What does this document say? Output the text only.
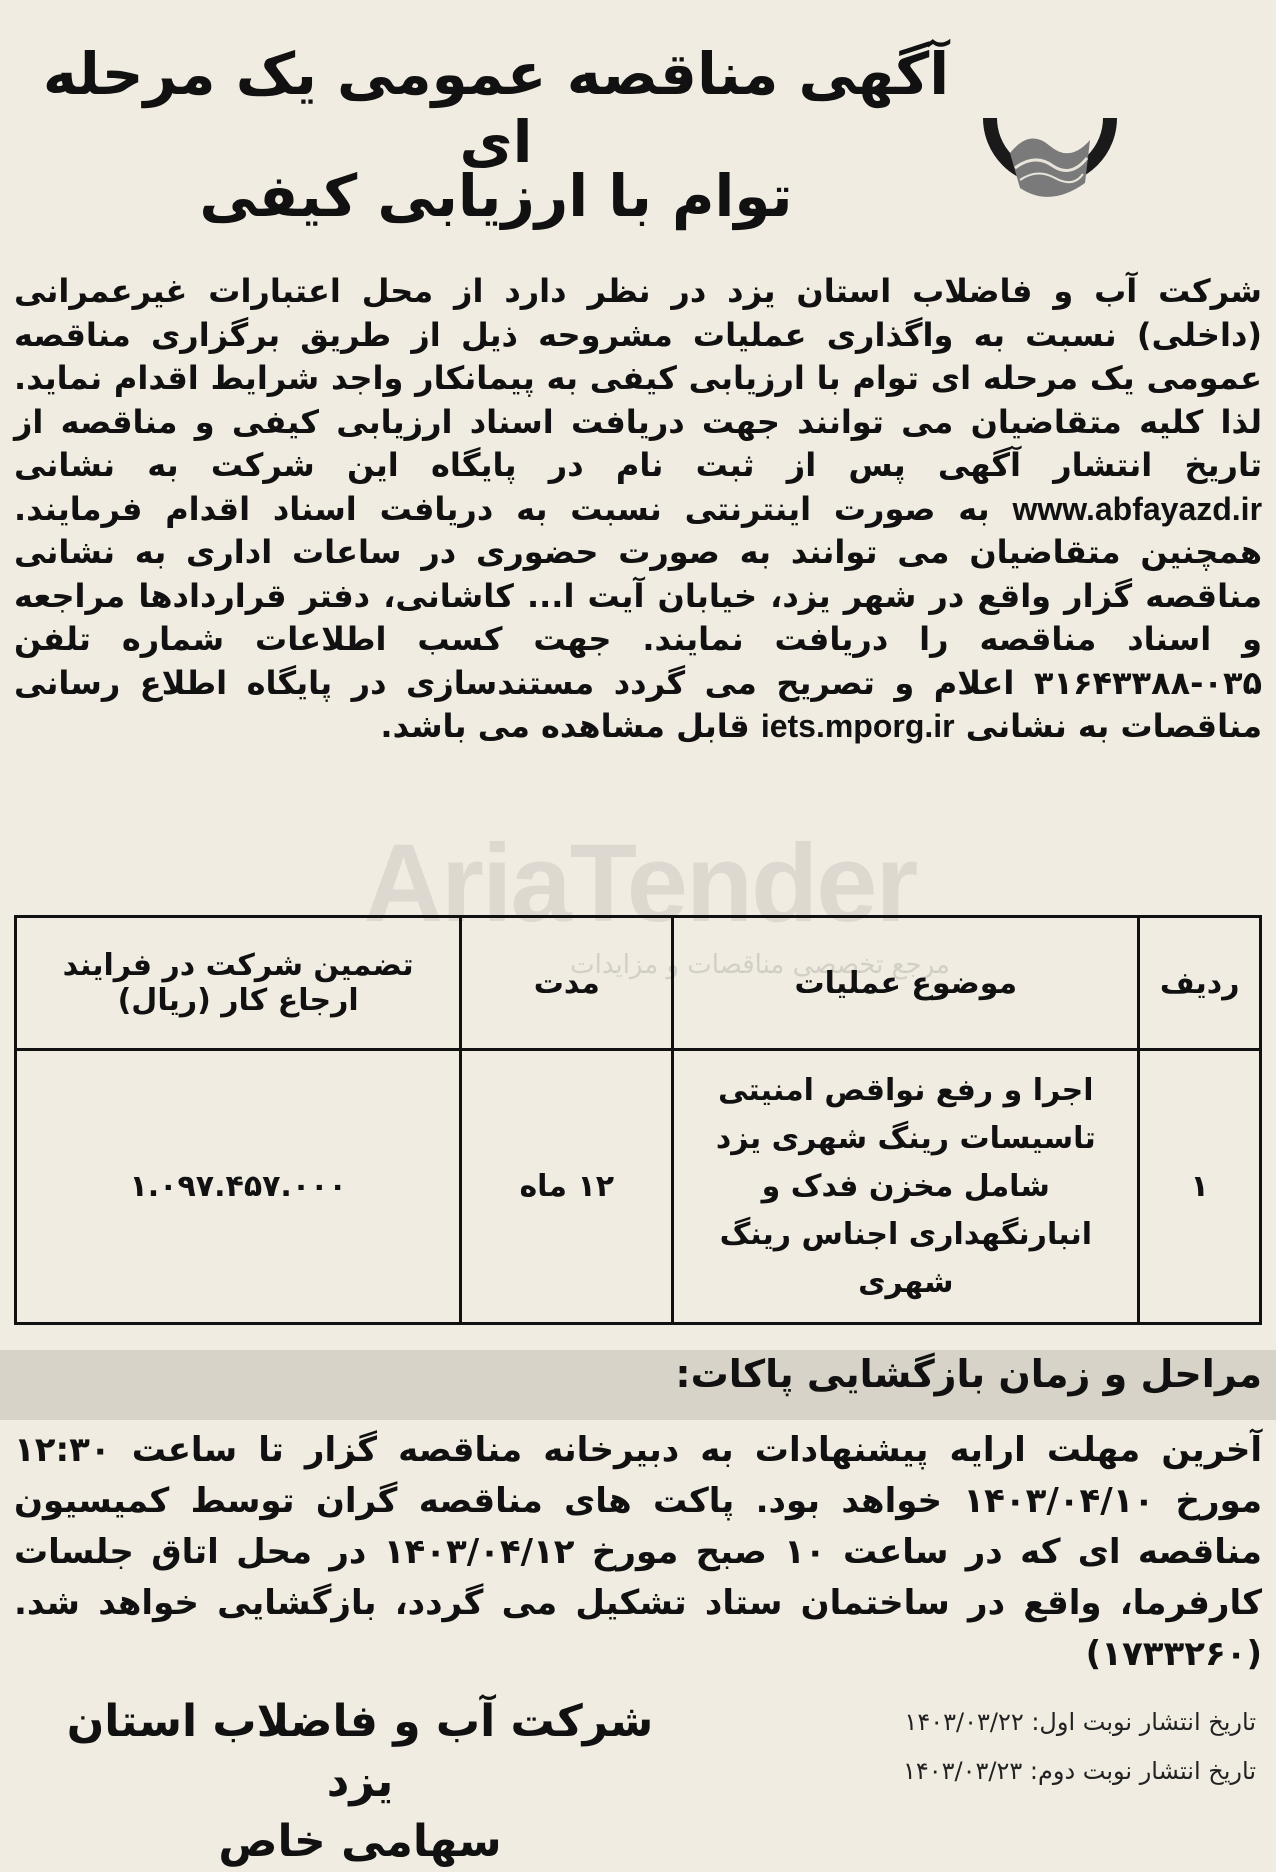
آگهی مناقصه عمومی یک مرحله ای
توام با ارزیابی کیفی
شرکت آب و فاضلاب استان یزد در نظر دارد از محل اعتبارات غیرعمرانی (داخلی) نسبت به واگذاری عملیات مشروحه ذیل از طریق برگزاری مناقصه عمومی یک مرحله ای توام با ارزیابی کیفی به پیمانکار واجد شرایط اقدام نماید. لذا کلیه متقاضیان می توانند جهت دریافت اسناد ارزیابی کیفی و مناقصه از تاریخ انتشار آگهی پس از ثبت نام در پایگاه این شرکت به نشانی www.abfayazd.ir به صورت اینترنتی نسبت به دریافت اسناد اقدام فرمایند. همچنین متقاضیان می توانند به صورت حضوری در ساعات اداری به نشانی مناقصه گزار واقع در شهر یزد، خیابان آیت ا... کاشانی، دفتر قراردادها مراجعه و اسناد مناقصه را دریافت نمایند. جهت کسب اطلاعات شماره تلفن ۰۳۵-۳۱۶۴۳۳۸۸ اعلام و تصریح می گردد مستندسازی در پایگاه اطلاع رسانی مناقصات به نشانی iets.mporg.ir قابل مشاهده می باشد.
AriaTender
مرجع تخصصی مناقصات و مزایدات
ردیف	موضوع عملیات	مدت	تضمین شرکت در فرایند ارجاع کار (ریال)
۱	اجرا و رفع نواقص امنیتی تاسیسات رینگ شهری یزد شامل مخزن فدک و انبارنگهداری اجناس رینگ شهری	۱۲ ماه	۱.۰۹۷.۴۵۷.۰۰۰
مراحل و زمان بازگشایی پاکات:
آخرین مهلت ارایه پیشنهادات به دبیرخانه مناقصه گزار تا ساعت ۱۲:۳۰ مورخ ۱۴۰۳/۰۴/۱۰ خواهد بود. پاکت های مناقصه گران توسط کمیسیون مناقصه ای که در ساعت ۱۰ صبح مورخ ۱۴۰۳/۰۴/۱۲ در محل اتاق جلسات کارفرما، واقع در ساختمان ستاد تشکیل می گردد، بازگشایی خواهد شد. (۱۷۳۳۲۶۰)
شرکت آب و فاضلاب استان یزد
سهامی خاص
تاریخ انتشار نوبت اول: ۱۴۰۳/۰۳/۲۲
تاریخ انتشار نوبت دوم: ۱۴۰۳/۰۳/۲۳
